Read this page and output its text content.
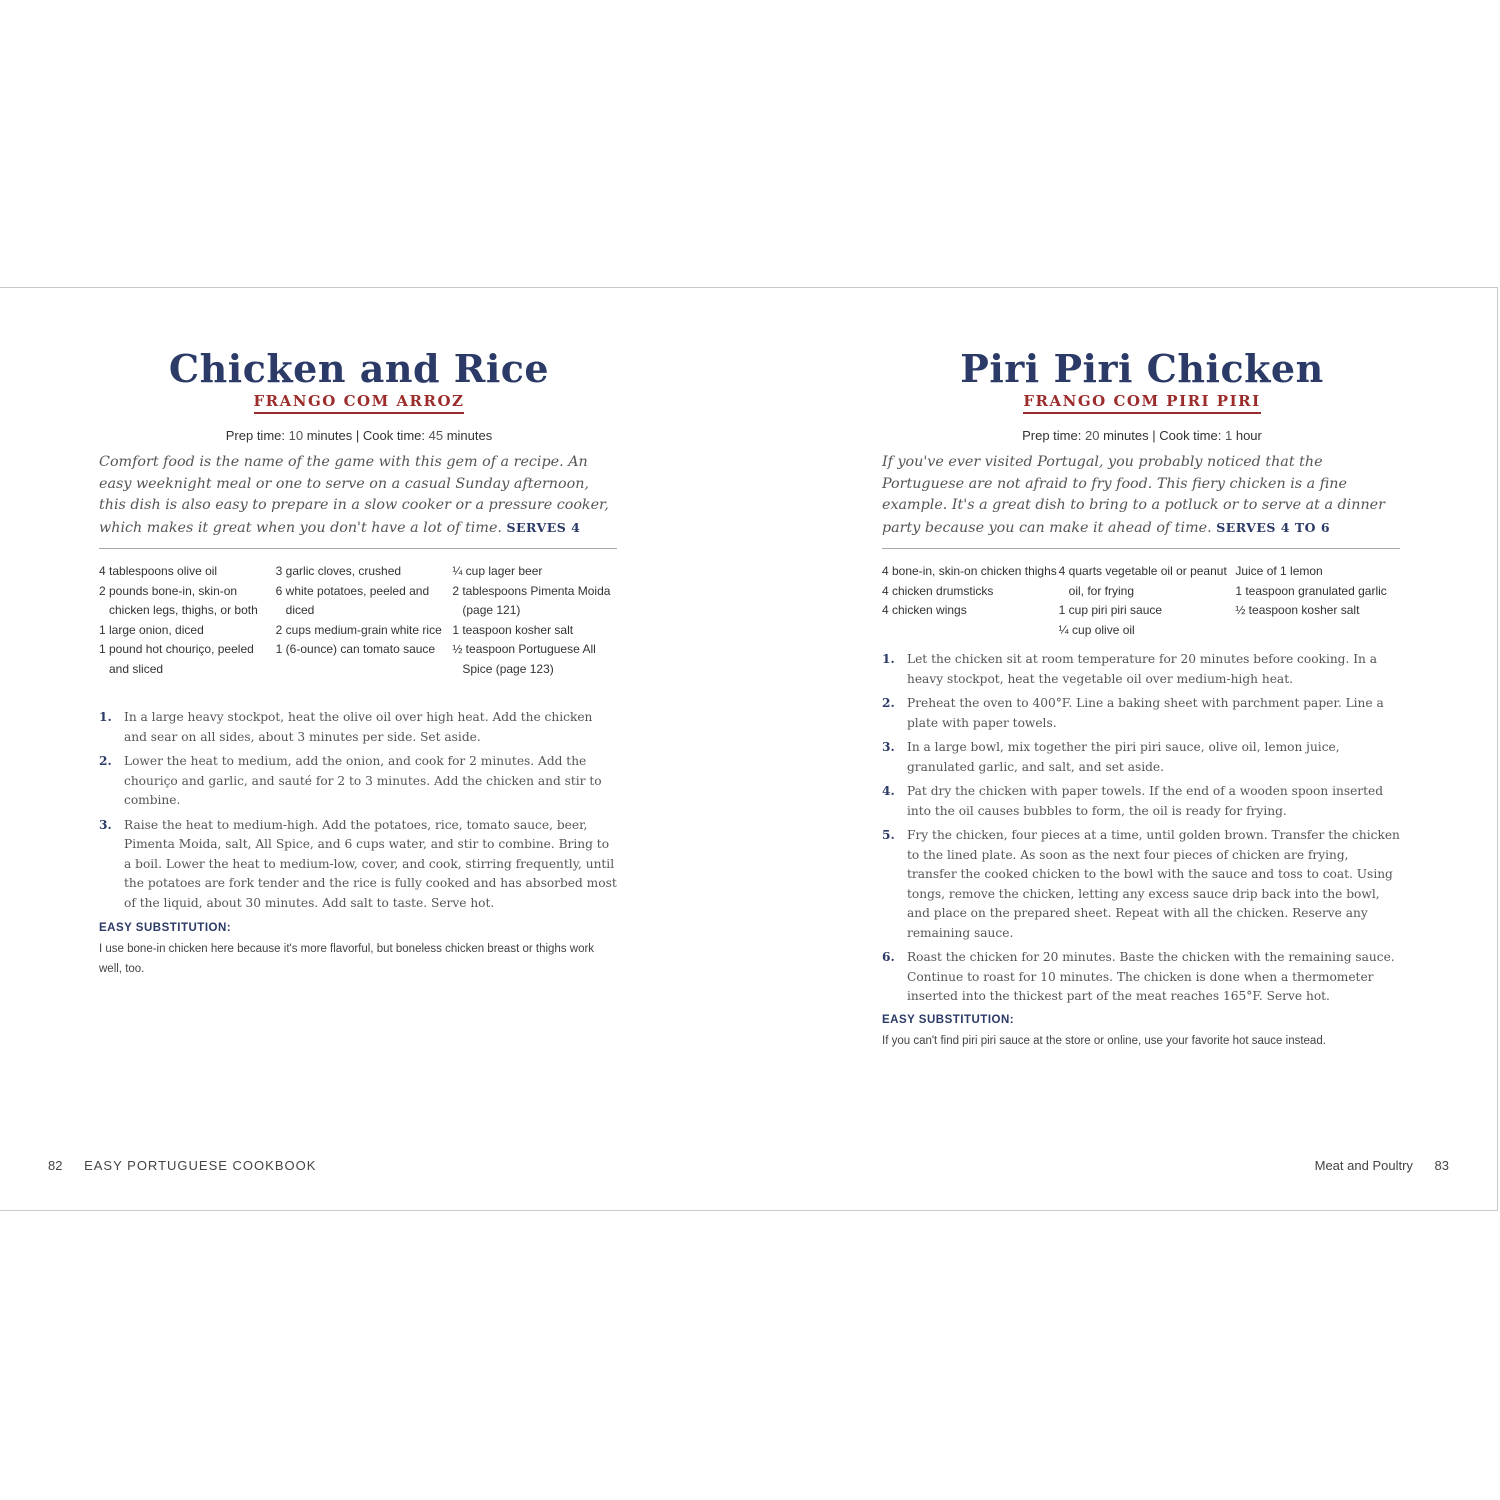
Chicken and Rice
FRANGO COM ARROZ
Prep time: 10 minutes | Cook time: 45 minutes
Comfort food is the name of the game with this gem of a recipe. An easy weeknight meal or one to serve on a casual Sunday afternoon, this dish is also easy to prepare in a slow cooker or a pressure cooker, which makes it great when you don't have a lot of time. SERVES 4
4 tablespoons olive oil
2 pounds bone-in, skin-on chicken legs, thighs, or both
1 large onion, diced
1 pound hot chouriço, peeled and sliced
3 garlic cloves, crushed
6 white potatoes, peeled and diced
2 cups medium-grain white rice
1 (6-ounce) can tomato sauce
¼ cup lager beer
2 tablespoons Pimenta Moida (page 121)
1 teaspoon kosher salt
½ teaspoon Portuguese All Spice (page 123)
1.	In a large heavy stockpot, heat the olive oil over high heat. Add the chicken and sear on all sides, about 3 minutes per side. Set aside.
2.	Lower the heat to medium, add the onion, and cook for 2 minutes. Add the chouriço and garlic, and sauté for 2 to 3 minutes. Add the chicken and stir to combine.
3.	Raise the heat to medium-high. Add the potatoes, rice, tomato sauce, beer, Pimenta Moida, salt, All Spice, and 6 cups water, and stir to combine. Bring to a boil. Lower the heat to medium-low, cover, and cook, stirring frequently, until the potatoes are fork tender and the rice is fully cooked and has absorbed most of the liquid, about 30 minutes. Add salt to taste. Serve hot.
EASY SUBSTITUTION:
I use bone-in chicken here because it's more flavorful, but boneless chicken breast or thighs work well, too.
Piri Piri Chicken
FRANGO COM PIRI PIRI
Prep time: 20 minutes | Cook time: 1 hour
If you've ever visited Portugal, you probably noticed that the Portuguese are not afraid to fry food. This fiery chicken is a fine example. It's a great dish to bring to a potluck or to serve at a dinner party because you can make it ahead of time. SERVES 4 TO 6
4 bone-in, skin-on chicken thighs
4 chicken drumsticks
4 chicken wings
4 quarts vegetable oil or peanut oil, for frying
1 cup piri piri sauce
¼ cup olive oil
Juice of 1 lemon
1 teaspoon granulated garlic
½ teaspoon kosher salt
1.	Let the chicken sit at room temperature for 20 minutes before cooking. In a heavy stockpot, heat the vegetable oil over medium-high heat.
2.	Preheat the oven to 400°F. Line a baking sheet with parchment paper. Line a plate with paper towels.
3.	In a large bowl, mix together the piri piri sauce, olive oil, lemon juice, granulated garlic, and salt, and set aside.
4.	Pat dry the chicken with paper towels. If the end of a wooden spoon inserted into the oil causes bubbles to form, the oil is ready for frying.
5.	Fry the chicken, four pieces at a time, until golden brown. Transfer the chicken to the lined plate. As soon as the next four pieces of chicken are frying, transfer the cooked chicken to the bowl with the sauce and toss to coat. Using tongs, remove the chicken, letting any excess sauce drip back into the bowl, and place on the prepared sheet. Repeat with all the chicken. Reserve any remaining sauce.
6.	Roast the chicken for 20 minutes. Baste the chicken with the remaining sauce. Continue to roast for 10 minutes. The chicken is done when a thermometer inserted into the thickest part of the meat reaches 165°F. Serve hot.
EASY SUBSTITUTION:
If you can't find piri piri sauce at the store or online, use your favorite hot sauce instead.
82 EASY PORTUGUESE COOKBOOK	Meat and Poultry 83
